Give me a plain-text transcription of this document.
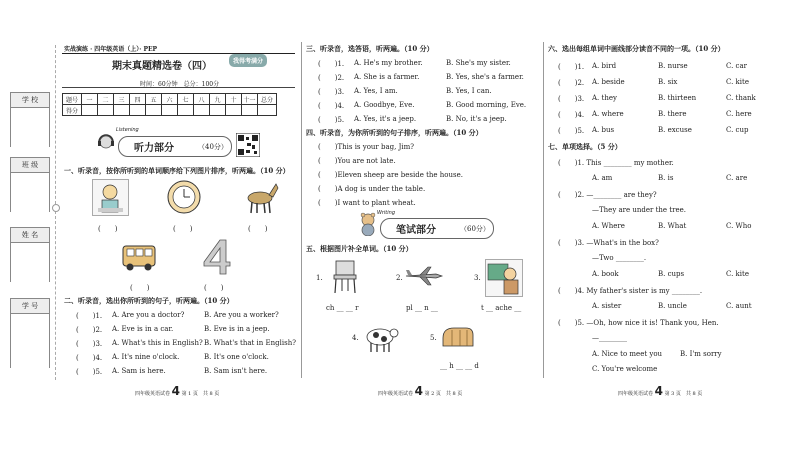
学 校
班 级
姓 名
学 号
实战演练 · 四年级英语（上）· PEP
期末真题精选卷（四）	我得考满分
时间：60分钟　总分：100分
题号	一	二	三	四	五	六	七	八	九	十	十一	总分
得分												
Listening
听力部分	（40分）
一、听录音，按你所听到的单词顺序给下列图片排序，听两遍。（10 分）
(　　)	(　　)	(　　)
(　　)	(　　)
二、听录音，选出你所听到的句子，听两遍。（10 分）
(　　)1. A. Are you a doctor?	B. Are you a worker?
(　　)2. A. Eve is in a car.	B. Eve is in a jeep.
(　　)3. A. What's this in English? B. What's that in English?
(　　)4. A. It's nine o'clock.	B. It's one o'clock.
(　　)5. A. Sam is here.	B. Sam isn't here.
四年级英语试卷 4 第 1 页　共 8 页
三、听录音，选答语，听两遍。（10 分）
(　　)1. A. He's my brother.	B. She's my sister.
(　　)2. A. She is a farmer.	B. Yes, she's a farmer.
(　　)3. A. Yes, I am.	B. Yes, I can.
(　　)4. A. Goodbye, Eve.	B. Good morning, Eve.
(　　)5. A. Yes, it's a jeep.	B. No, it's a jeep.
四、听录音，为你所听到的句子排序，听两遍。（10 分）
(　　)This is your bag, Jim?
(　　)You are not late.
(　　)Eleven sheep are beside the house.
(　　)A dog is under the table.
(　　)I want to plant wheat.
Writing
笔试部分	（60分）
五、根据图片补全单词。（10 分）
1.	2.	3.
ch __ __ r	pl __ n __	t __ ache __
4.	5.
__ h __ __ d
四年级英语试卷 4 第 2 页　共 8 页
六、选出每组单词中画线部分读音不同的一项。（10 分）
(　　)1. A. bird	B. nurse	C. car
(　　)2. A. beside	B. six	C. kite
(　　)3. A. they	B. thirteen	C. thank
(　　)4. A. where	B. there	C. here
(　　)5. A. bus	B. excuse	C. cup
七、单项选择。（5 分）
(　　)1. This ________ my mother.
A. am	B. is	C. are
(　　)2. —________ are they?
—They are under the tree.
A. Where	B. What	C. Who
(　　)3. —What's in the box?
—Two ________.
A. book	B. cups	C. kite
(　　)4. My father's sister is my ________.
A. sister	B. uncle	C. aunt
(　　)5. —Oh, how nice it is! Thank you, Hen.
—________
A. Nice to meet you	B. I'm sorry
C. You're welcome
四年级英语试卷 4 第 3 页　共 8 页
